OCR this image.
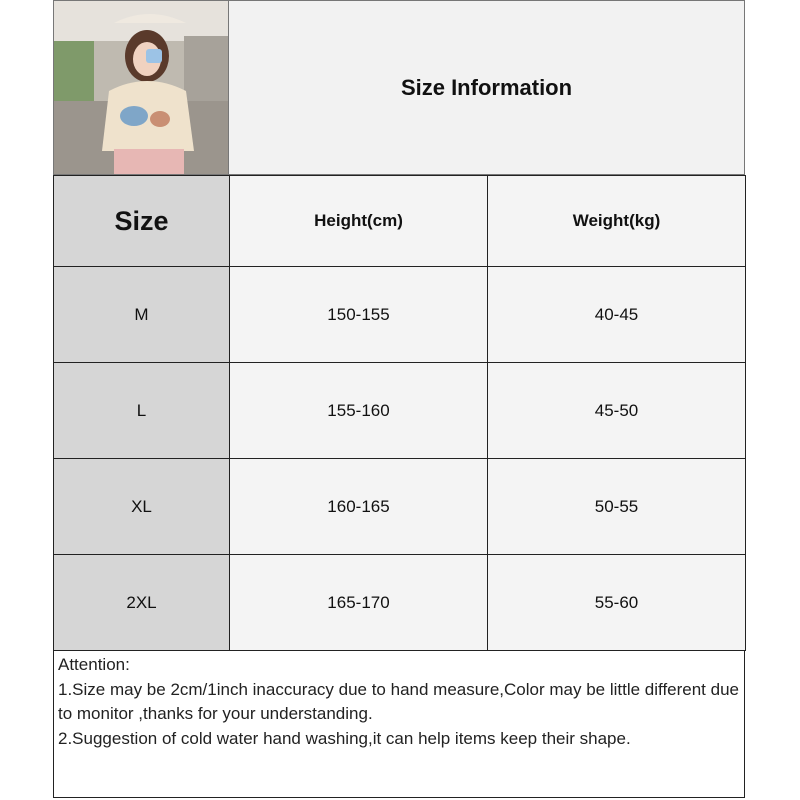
Size Information
Size	Height(cm)	Weight(kg)
M	150-155	40-45
L	155-160	45-50
XL	160-165	50-55
2XL	165-170	55-60
Attention:
1.Size may be 2cm/1inch inaccuracy due to hand measure,Color may be little different due to monitor ,thanks for your understanding.
2.Suggestion of cold water hand washing,it can help items keep their shape.
